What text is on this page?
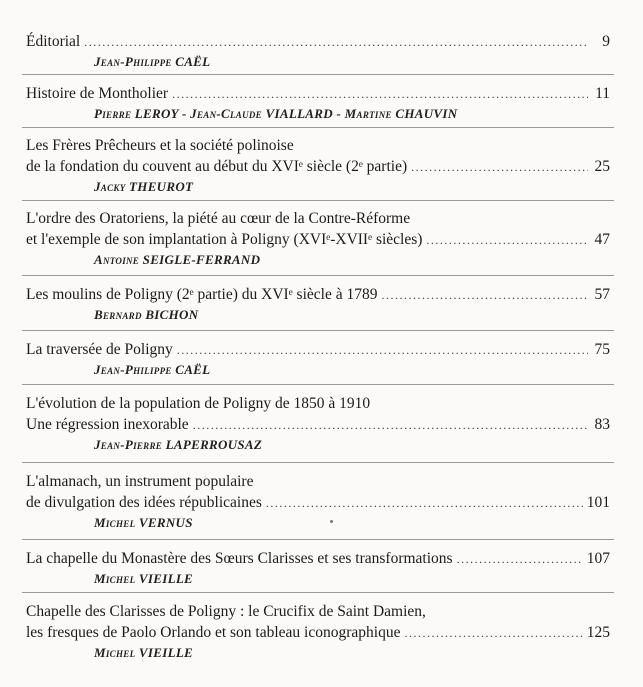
Éditorial .....	9
Jean-Philippe CAËL
Histoire de Montholier .....	11
Pierre LEROY - Jean-Claude VIALLARD - Martine CHAUVIN
Les Frères Prêcheurs et la société polinoise
de la fondation du couvent au début du XVIᵉ siècle (2ᵉ partie) .....	25
Jacky THEUROT
L'ordre des Oratoriens, la piété au cœur de la Contre-Réforme
et l'exemple de son implantation à Poligny (XVIᵉ-XVIIᵉ siècles) .....	47
Antoine SEIGLE-FERRAND
Les moulins de Poligny (2ᵉ partie) du XVIᵉ siècle à 1789 .....	57
Bernard BICHON
La traversée de Poligny .....	75
Jean-Philippe CAËL
L'évolution de la population de Poligny de 1850 à 1910
Une régression inexorable .....	83
Jean-Pierre LAPERROUSAZ
L'almanach, un instrument populaire
de divulgation des idées républicaines .....	101
Michel VERNUS
La chapelle du Monastère des Sœurs Clarisses et ses transformations .....	107
Michel VIEILLE
Chapelle des Clarisses de Poligny : le Crucifix de Saint Damien,
les fresques de Paolo Orlando et son tableau iconographique .....	125
Michel VIEILLE
